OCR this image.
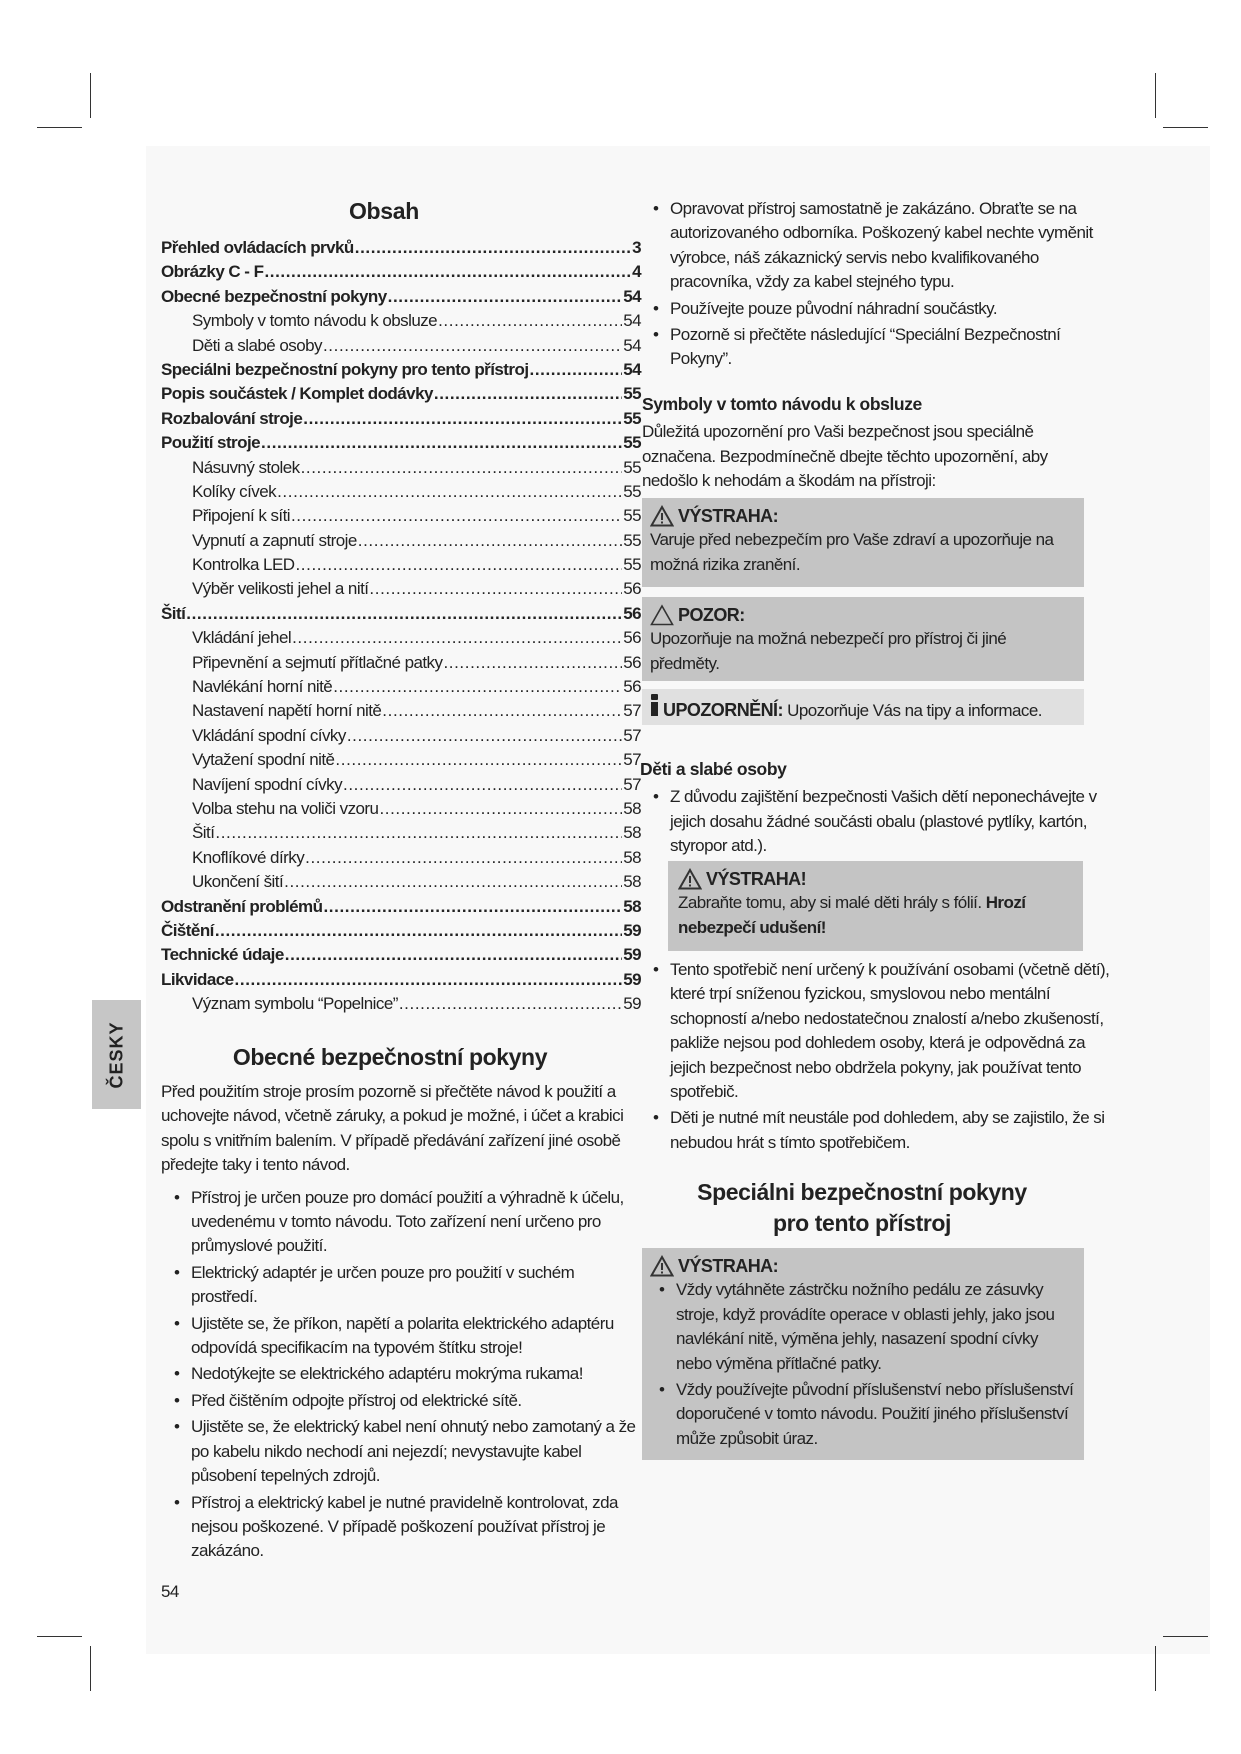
ČESKY
Obsah
Přehled ovládacích prvků .....	3
Obrázky C - F .....	4
Obecné bezpečnostní pokyny .....	54
Symboly v tomto návodu k obsluze .....	54
Děti a slabé osoby .....	54
Speciálni bezpečnostní pokyny pro tento přístroj .....	54
Popis součástek / Komplet dodávky .....	55
Rozbalování stroje .....	55
Použití stroje .....	55
Násuvný stolek .....	55
Kolíky cívek .....	55
Připojení k síti .....	55
Vypnutí a zapnutí stroje .....	55
Kontrolka LED .....	55
Výběr velikosti jehel a nití .....	56
Šití .....	56
Vkládání jehel .....	56
Připevnění a sejmutí přítlačné patky .....	56
Navlékání horní nitě .....	56
Nastavení napětí horní nitě .....	57
Vkládání spodní cívky .....	57
Vytažení spodní nitě .....	57
Navíjení spodní cívky .....	57
Volba stehu na voliči vzoru .....	58
Šití .....	58
Knoflíkové dírky .....	58
Ukončení šití .....	58
Odstranění problémů .....	58
Čištění .....	59
Technické údaje .....	59
Likvidace .....	59
Význam symbolu “Popelnice” .....	59
Obecné bezpečnostní pokyny

Před použitím stroje prosím pozorně si přečtěte návod k použití a uchovejte návod, včetně záruky, a pokud je možné, i účet a krabici spolu s vnitřním balením. V případě předávání zařízení jiné osobě předejte taky i tento návod.

• Přístroj je určen pouze pro domácí použití a výhradně k účelu, uvedenému v tomto návodu. Toto zařízení není určeno pro průmyslové použití.
• Elektrický adaptér je určen pouze pro použití v suchém prostředí.
• Ujistěte se, že příkon, napětí a polarita elektrického adaptéru odpovídá specifikacím na typovém štítku stroje!
• Nedotýkejte se elektrického adaptéru mokrýma rukama!
• Před čištěním odpojte přístroj od elektrické sítě.
• Ujistěte se, že elektrický kabel není ohnutý nebo zamotaný a že po kabelu nikdo nechodí ani nejezdí; nevystavujte kabel působení tepelných zdrojů.
• Přístroj a elektrický kabel je nutné pravidelně kontrolovat, zda nejsou poškozené. V případě poškození používat přístroj je zakázáno.
54
• Opravovat přístroj samostatně je zakázáno. Obraťte se na autorizovaného odborníka. Poškozený kabel nechte vyměnit výrobce, náš zákaznický servis nebo kvalifikovaného pracovníka, vždy za kabel stejného typu.
• Používejte pouze původní náhradní součástky.
• Pozorně si přečtěte následující “Speciální Bezpečnostní Pokyny”.
Symboly v tomto návodu k obsluze

Důležitá upozornění pro Vaši bezpečnost jsou speciálně označena. Bezpodmínečně dbejte těchto upozornění, aby nedošlo k nehodám a škodám na přístroji:

VÝSTRAHA:
Varuje před nebezpečím pro Vaše zdraví a upozorňuje na možná rizika zranění.
POZOR:
Upozorňuje na možná nebezpečí pro přístroj či jiné předměty.
UPOZORNĚNÍ: Upozorňuje Vás na tipy a informace.
Děti a slabé osoby
• Z důvodu zajištění bezpečnosti Vašich dětí neponechávejte v jejich dosahu žádné součásti obalu (plastové pytlíky, kartón, styropor atd.).
VÝSTRAHA!
Zabraňte tomu, aby si malé děti hrály s fólií. Hrozí nebezpečí udušení!
• Tento spotřebič není určený k používání osobami (včetně dětí), které trpí sníženou fyzickou, smyslovou nebo mentální schopností a/nebo nedostatečnou znalostí a/nebo zkušeností, pakliže nejsou pod dohledem osoby, která je odpovědná za jejich bezpečnost nebo obdržela pokyny, jak používat tento spotřebič.
• Děti je nutné mít neustále pod dohledem, aby se zajistilo, že si nebudou hrát s tímto spotřebičem.
Speciálni bezpečnostní pokyny
pro tento přístroj
VÝSTRAHA:
• Vždy vytáhněte zástrčku nožního pedálu ze zásuvky stroje, když provádíte operace v oblasti jehly, jako jsou navlékání nitě, výměna jehly, nasazení spodní cívky nebo výměna přítlačné patky.
• Vždy používejte původní příslušenství nebo příslušenství doporučené v tomto návodu. Použití jiného příslušenství může způsobit úraz.
